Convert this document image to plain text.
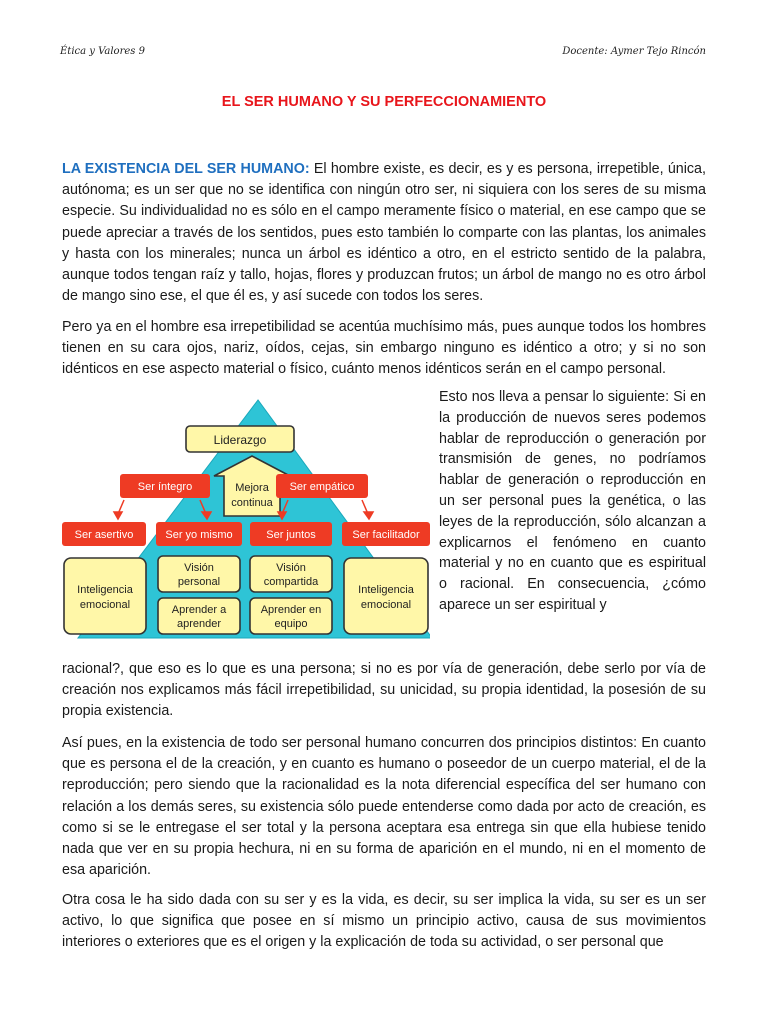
Ética y Valores 9	Docente: Aymer Tejo Rincón
EL SER HUMANO Y SU PERFECCIONAMIENTO

LA EXISTENCIA DEL SER HUMANO: El hombre existe, es decir, es y es persona, irrepetible, única, autónoma; es un ser que no se identifica con ningún otro ser, ni siquiera con los seres de su misma especie. Su individualidad no es sólo en el campo meramente físico o material, en ese campo que se puede apreciar a través de los sentidos, pues esto también lo comparte con las plantas, los animales y hasta con los minerales; nunca un árbol es idéntico a otro, en el estricto sentido de la palabra, aunque todos tengan raíz y tallo, hojas, flores y produzcan frutos; un árbol de mango no es otro árbol de mango sino ese, el que él es, y así sucede con todos los seres.

Pero ya en el hombre esa irrepetibilidad se acentúa muchísimo más, pues aunque todos los hombres tienen en su cara ojos, nariz, oídos, cejas, sin embargo ninguno es idéntico a otro; y si no son idénticos en ese aspecto material o físico, cuánto menos idénticos serán en el campo personal.

Liderazgo
Mejora
continua
Ser íntegro	Ser empático
Ser asertivo	Ser yo mismo	Ser juntos	Ser facilitador
Inteligencia
emocional
Inteligencia
emocional
Visión
personal
Visión
compartida
Aprender a
aprender
Aprender en
equipo

Esto nos lleva a pensar lo siguiente: Si en la producción de nuevos seres podemos hablar de reproducción o generación por transmisión de genes, no podríamos hablar de generación o reproducción en un ser personal pues la genética, o las leyes de la reproducción, sólo alcanzan a explicarnos el fenómeno en cuanto material y no en cuanto que es espiritual o racional. En consecuencia, ¿cómo aparece un ser espiritual y

racional?, que eso es lo que es una persona; si no es por vía de generación, debe serlo por vía de creación nos explicamos más fácil irrepetibilidad, su unicidad, su propia identidad, la posesión de su propia existencia.

Así pues, en la existencia de todo ser personal humano concurren dos principios distintos: En cuanto que es persona el de la creación, y en cuanto es humano o poseedor de un cuerpo material, el de la reproducción; pero siendo que la racionalidad es la nota diferencial específica del ser humano con relación a los demás seres, su existencia sólo puede entenderse como dada por acto de creación, es como si se le entregase el ser total y la persona aceptara esa entrega sin que ella hubiese tenido nada que ver en su propia hechura, ni en su forma de aparición en el mundo, ni en el momento de esa aparición.

Otra cosa le ha sido dada con su ser y es la vida, es decir, su ser implica la vida, su ser es un ser activo, lo que significa que posee en sí mismo un principio activo, causa de sus movimientos interiores o exteriores que es el origen y la explicación de toda su actividad, o ser personal que
